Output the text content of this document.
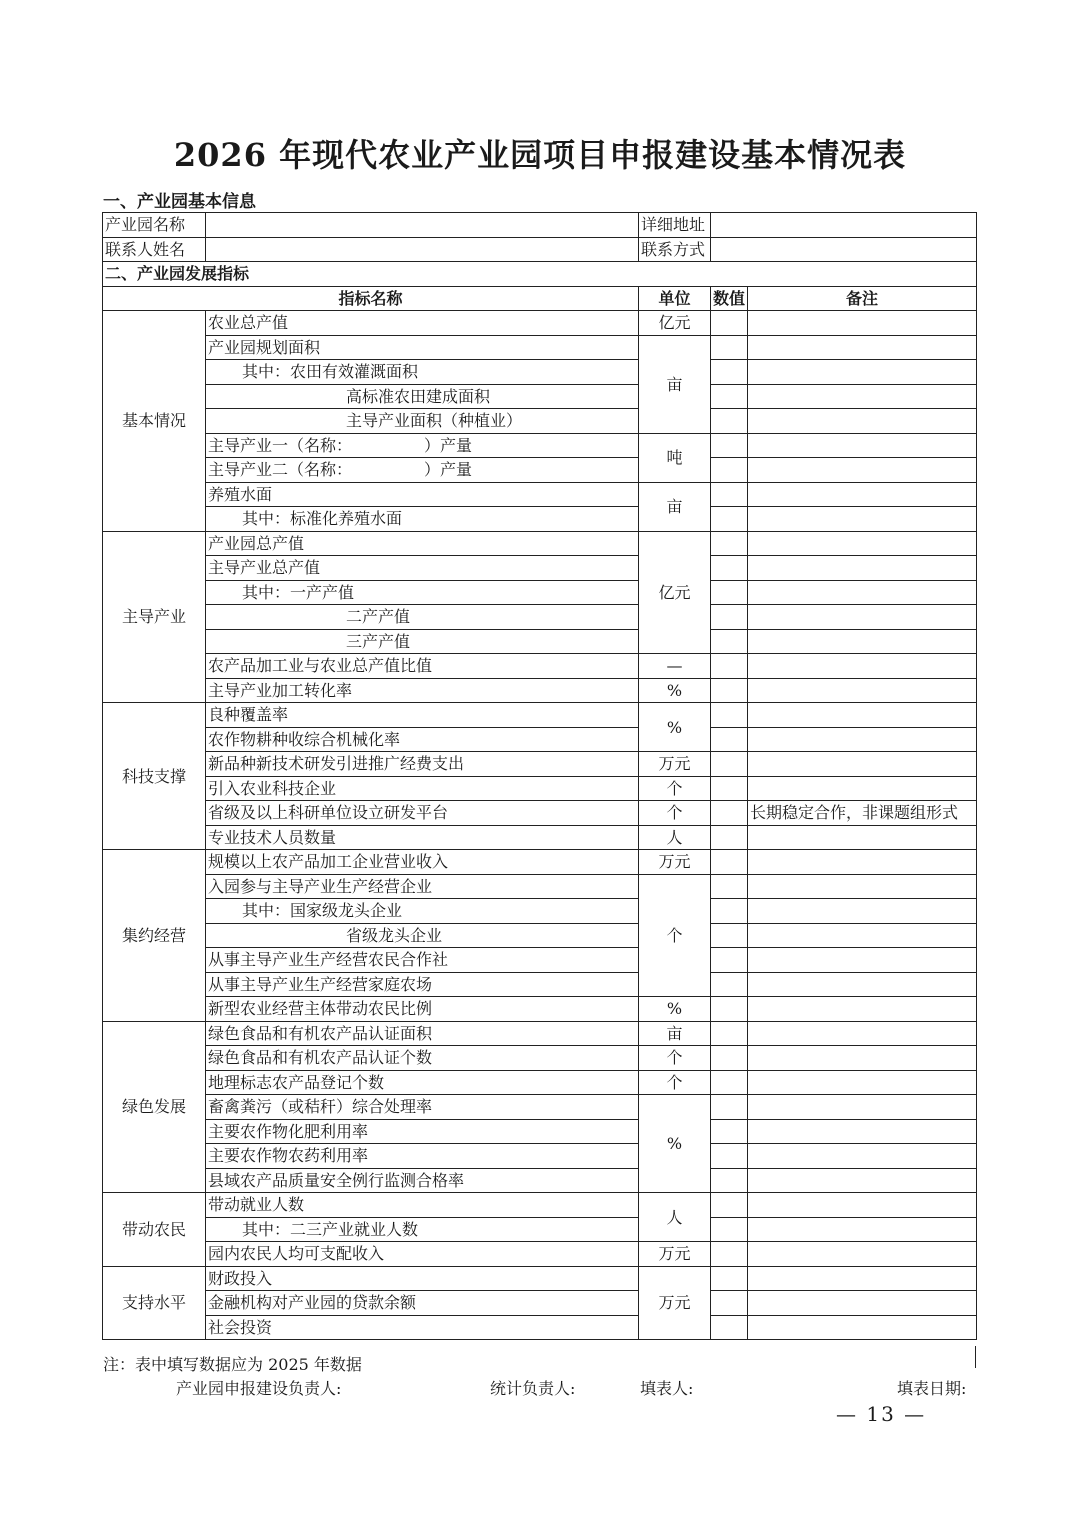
2026 年现代农业产业园项目申报建设基本情况表
一、产业园基本信息
产业园名称		详细地址		

联系人姓名		联系方式		

二、产业园发展指标				
指标名称		单位	数值	备注
基本情况	农业总产值	亿元		
	产业园规划面积	亩		
	其中：农田有效灌溉面积			
	高标准农田建成面积			
	主导产业面积（种植业）			
	主导产业一（名称：　　　　　）产量	吨		
	主导产业二（名称：　　　　　）产量			
	养殖水面	亩		
	其中：标准化养殖水面			
主导产业	产业园总产值	亿元		
	主导产业总产值			
	其中：一产产值			
	二产产值			
	三产产值			
	农产品加工业与农业总产值比值	—		
	主导产业加工转化率	%		
科技支撑	良种覆盖率	%		
	农作物耕种收综合机械化率			
	新品种新技术研发引进推广经费支出	万元		
	引入农业科技企业	个		
	省级及以上科研单位设立研发平台	个		长期稳定合作，非课题组形式
	专业技术人员数量	人		
集约经营	规模以上农产品加工企业营业收入	万元		
	入园参与主导产业生产经营企业	个		
	其中：国家级龙头企业			
	省级龙头企业			
	从事主导产业生产经营农民合作社			
	从事主导产业生产经营家庭农场			
	新型农业经营主体带动农民比例	%		
绿色发展	绿色食品和有机农产品认证面积	亩		
	绿色食品和有机农产品认证个数	个		
	地理标志农产品登记个数	个		
	畜禽粪污（或秸秆）综合处理率	%		
	主要农作物化肥利用率			
	主要农作物农药利用率			
	县域农产品质量安全例行监测合格率			
带动农民	带动就业人数	人		
	其中：二三产业就业人数			
	园内农民人均可支配收入	万元		
支持水平	财政投入	万元		
	金融机构对产业园的贷款余额			
	社会投资			
注：表中填写数据应为 2025 年数据
产业园申报建设负责人:	统计负责人:	填表人:	填表日期:
— 13 —
